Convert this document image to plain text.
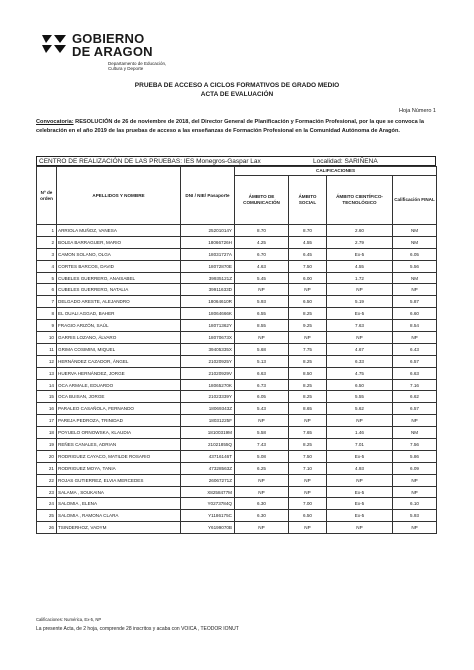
GOBIERNO
DE ARAGON
Departamento de Educación,
Cultura y Deporte
PRUEBA DE ACCESO A CICLOS FORMATIVOS DE GRADO MEDIO
ACTA DE EVALUACIÓN
Hoja Número 1
Convocatoria: RESOLUCIÓN de 26 de noviembre de 2018, del Director General de Planificación y Formación Profesional, por la que se convoca la celebración en el año 2019 de las pruebas de acceso a las enseñanzas de Formación Profesional en la Comunidad Autónoma de Aragón.
CENTRO DE REALIZACIÓN DE LAS PRUEBAS: IES Monegros-Gaspar Lax	Localidad: SARIÑENA
Nº de orden	APELLIDOS Y NOMBRE	DNI / NIE/ Pasaporte	CALIFICACIONES			
			ÁMBITO DE COMUNICACIÓN	ÁMBITO SOCIAL	ÁMBITO CIENTÍFICO-TECNOLÓGICO	Calificación FINAL
1	ARRIOLA MUÑOZ, VANESA	25201014Y	8.70	8.70	2.60	NM
2	BOLEA BARRAGUER, MARIO	18066726H	4.25	4.55	2.79	NM
3	CAMON SOLANO, OLGA	18031727A	6.70	6.45	Ex-5	6.05
4	CORTES BARCOS, DAVID	18072870E	4.63	7.50	4.55	5.56
5	CUBELES GUERRERO, ANAISABEL	39935121Z	5.45	6.00	1.72	NM
6	CUBELES GUERRERO, NATALIA	39911633D	NP	NP	NP	NP
7	DELGADO ARESTE, ALEJANDRO	18064610R	5.93	6.50	5.19	5.87
8	EL OUALI AGGAD, BAHER	18064666K	6.55	8.25	Ex-5	6.60
9	FRAGIO ARIZÓN, SAÚL	18071362Y	8.55	9.25	7.63	8.54
10	GARRIS LOZANO, ÁLVARO	18070673X	NP	NP	NP	NP
11	GRIMA COSIMINI, MIQUEL	39405335X	5.68	7.75	4.67	6.43
12	HERNÁNDEZ CAZADOR, ÁNGEL	21020925Y	5.13	8.25	6.33	6.57
13	HUERVA HERNÁNDEZ, JORGE	21020929V	6.63	8.50	4.75	6.63
14	OCA ARMALE, EDUARDO	18065270K	6.73	8.25	6.50	7.16
15	OCA BUISAN, JORGE	21023339Y	6.05	8.25	5.55	6.62
16	PARALEO CASAÑOLA, FERNANDO	18069343Z	5.43	8.65	5.62	6.57
17	PAREJA PEDROZA, TRINIDAD	18031225F	NP	NP	NP	NP
18	POYUELO ORNOWSKA, KLAUDIA	18100319M	5.58	7.65	1.46	NM
19	REÑES CANALES, ADRIAN	21021855Q	7.43	8.25	7.01	7.56
20	RODRIGUEZ CAYACO, MATILDE ROSARIO	43716146T	5.08	7.50	Ex-5	5.86
21	RODRIGUEZ MOYA, TANIA	47328563Z	6.25	7.10	4.93	6.09
22	ROJAS GUTIERREZ, ELVIA MERCEDES	26067271Z	NP	NP	NP	NP
23	SALAMA , SOUKAINA	X8258477M	NP	NP	Ex-5	NP
24	SALOMIA , ELENA	Y0273784Q	6.30	7.00	Ex-5	6.10
25	SALOMIA , RAMONA CLARA	Y1186175C	6.30	6.50	Ex-5	5.93
26	TSINDERHOZ, VADYM	Y6199070B	NP	NP	NP	NP
Calificaciones: Numérica, Ex-5, NP
La presente Acta, de 2 hoja, comprende 28 inscritos y acaba con VOICA , TEODOR IONUT
